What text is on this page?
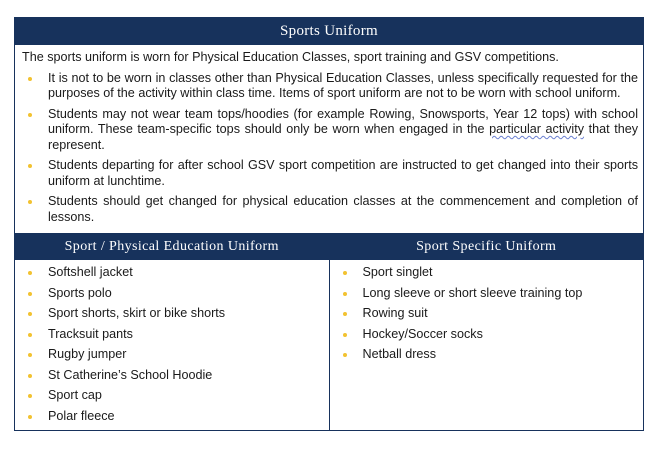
Sports Uniform

The sports uniform is worn for Physical Education Classes, sport training and GSV competitions.

It is not to be worn in classes other than Physical Education Classes, unless specifically requested for the purposes of the activity within class time. Items of sport uniform are not to be worn with school uniform.
Students may not wear team tops/hoodies (for example Rowing, Snowsports, Year 12 tops) with school uniform. These team-specific tops should only be worn when engaged in the particular activity that they represent.
Students departing for after school GSV sport competition are instructed to get changed into their sports uniform at lunchtime.
Students should get changed for physical education classes at the commencement and completion of lessons.
Sport / Physical Education Uniform
Softshell jacket
Sports polo
Sport shorts, skirt or bike shorts
Tracksuit pants
Rugby jumper
St Catherine’s School Hoodie
Sport cap
Polar fleece
Sport Specific Uniform
Sport singlet
Long sleeve or short sleeve training top
Rowing suit
Hockey/Soccer socks
Netball dress
